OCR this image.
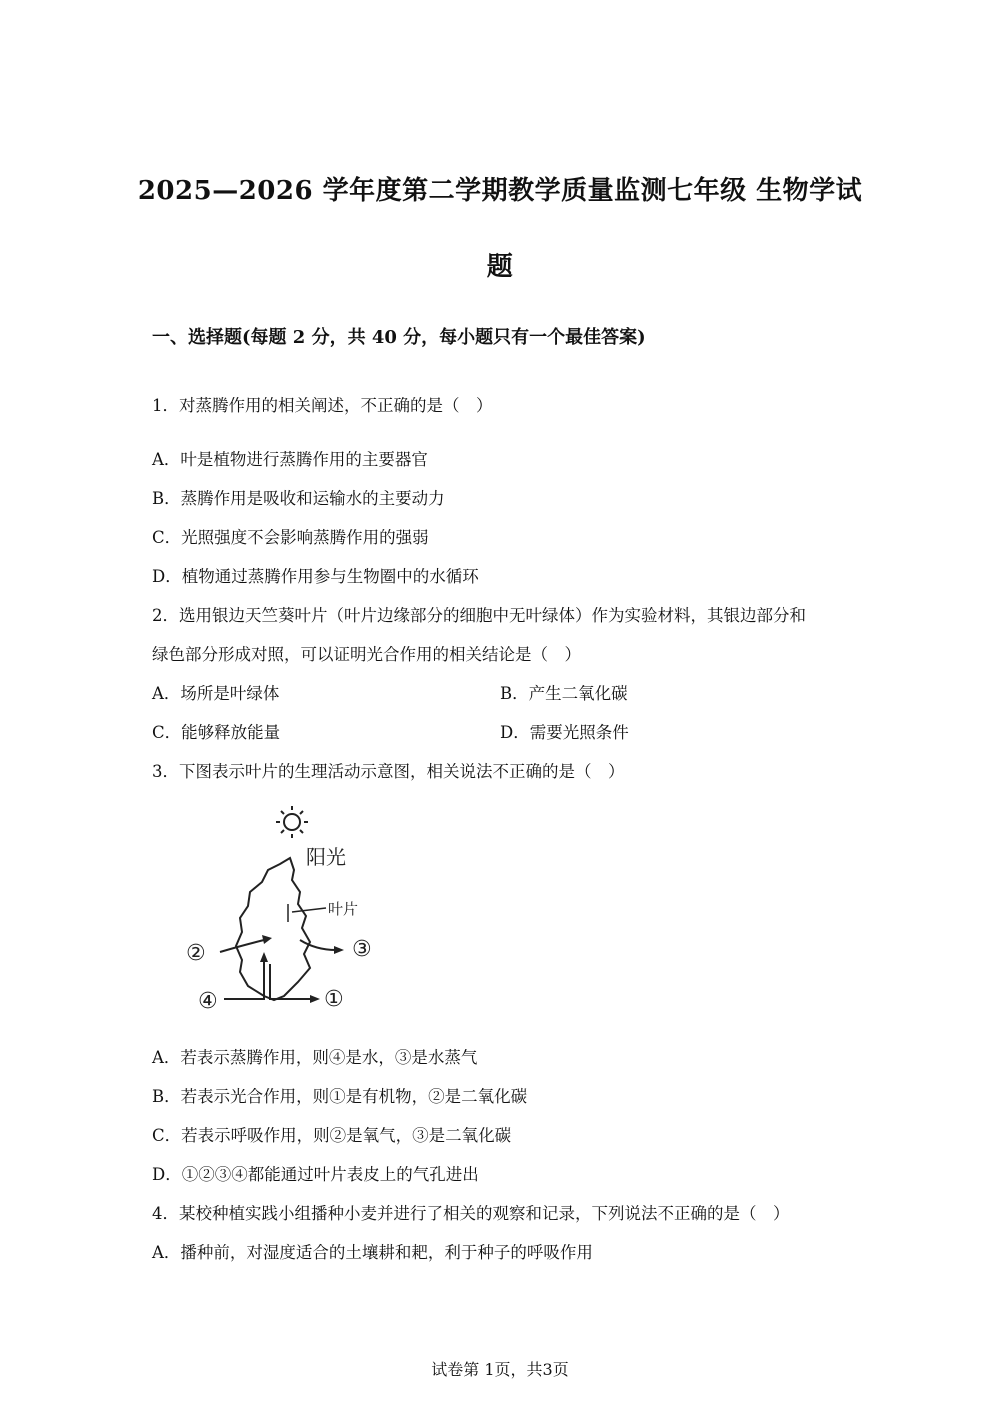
2025—2026 学年度第二学期教学质量监测七年级 生物学试
题
一、选择题(每题 2 分，共 40 分，每小题只有一个最佳答案)
1．对蒸腾作用的相关阐述，不正确的是（　）
A．叶是植物进行蒸腾作用的主要器官
B．蒸腾作用是吸收和运输水的主要动力
C．光照强度不会影响蒸腾作用的强弱
D．植物通过蒸腾作用参与生物圈中的水循环
2．选用银边天竺葵叶片（叶片边缘部分的细胞中无叶绿体）作为实验材料，其银边部分和
绿色部分形成对照，可以证明光合作用的相关结论是（　）
A．场所是叶绿体	B．产生二氧化碳
C．能够释放能量	D．需要光照条件
3．下图表示叶片的生理活动示意图，相关说法不正确的是（　）
阳光
叶片
②	③
④	①
A．若表示蒸腾作用，则④是水，③是水蒸气
B．若表示光合作用，则①是有机物，②是二氧化碳
C．若表示呼吸作用，则②是氧气，③是二氧化碳
D．①②③④都能通过叶片表皮上的气孔进出
4．某校种植实践小组播种小麦并进行了相关的观察和记录，下列说法不正确的是（　）
A．播种前，对湿度适合的土壤耕和耙，利于种子的呼吸作用
试卷第 1页，共3页
